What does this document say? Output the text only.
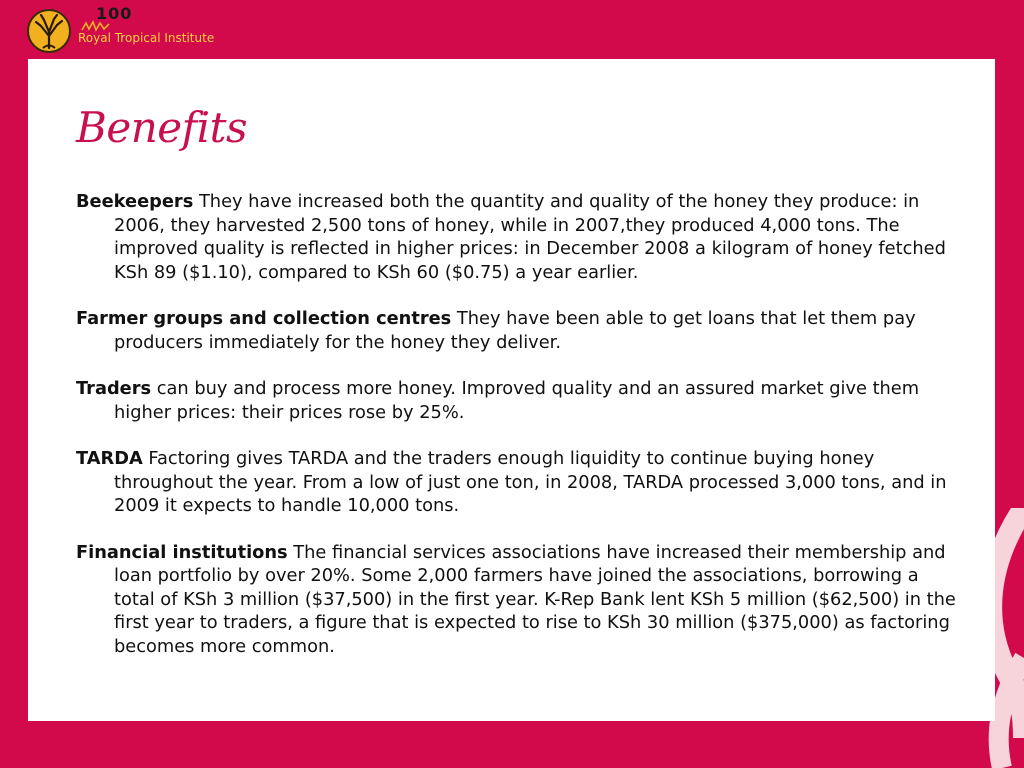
100
Royal Tropical Institute
Benefits

Beekeepers They have increased both the quantity and quality of the honey they produce: in 2006, they harvested 2,500 tons of honey, while in 2007,they produced 4,000 tons. The improved quality is reflected in higher prices: in December 2008 a kilogram of honey fetched KSh 89 ($1.10), compared to KSh 60 ($0.75) a year earlier.

Farmer groups and collection centres They have been able to get loans that let them pay producers immediately for the honey they deliver.

Traders can buy and process more honey. Improved quality and an assured market give them higher prices: their prices rose by 25%.

TARDA Factoring gives TARDA and the traders enough liquidity to continue buying honey throughout the year. From a low of just one ton, in 2008, TARDA processed 3,000 tons, and in 2009 it expects to handle 10,000 tons.

Financial institutions The financial services associations have increased their membership and loan portfolio by over 20%. Some 2,000 farmers have joined the associations, borrowing a total of KSh 3 million ($37,500) in the first year. K-Rep Bank lent KSh 5 million ($62,500) in the first year to traders, a figure that is expected to rise to KSh 30 million ($375,000) as factoring becomes more common.
